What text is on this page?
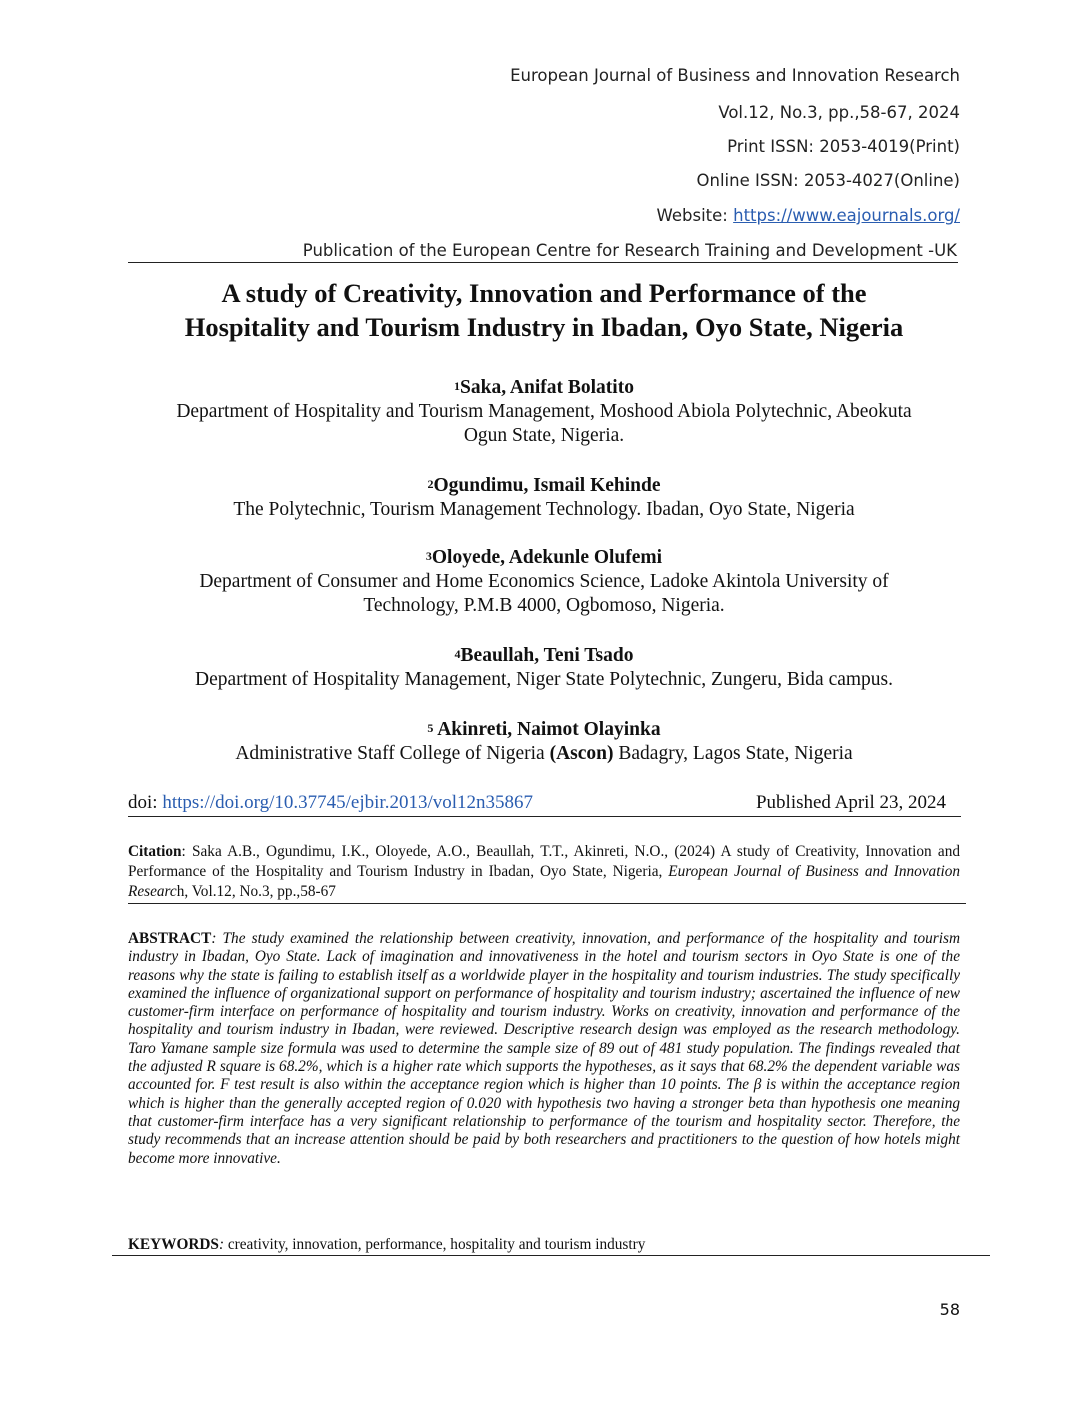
European Journal of Business and Innovation Research
Vol.12, No.3, pp.,58-67, 2024
Print ISSN: 2053-4019(Print)
Online ISSN: 2053-4027(Online)
Website: https://www.eajournals.org/
Publication of the European Centre for Research Training and Development -UK
A study of Creativity, Innovation and Performance of the
Hospitality and Tourism Industry in Ibadan, Oyo State, Nigeria
$^1$Saka, Anifat Bolatito
Department of Hospitality and Tourism Management, Moshood Abiola Polytechnic, Abeokuta
Ogun State, Nigeria.
$^2$Ogundimu, Ismail Kehinde
The Polytechnic, Tourism Management Technology. Ibadan, Oyo State, Nigeria
$^3$Oloyede, Adekunle Olufemi
Department of Consumer and Home Economics Science, Ladoke Akintola University of
Technology, P.M.B 4000, Ogbomoso, Nigeria.
$^4$Beaullah, Teni Tsado
Department of Hospitality Management, Niger State Polytechnic, Zungeru, Bida campus.
$^5$ Akinreti, Naimot Olayinka
Administrative Staff College of Nigeria (Ascon) Badagry, Lagos State, Nigeria
doi: https://doi.org/10.37745/ejbir.2013/vol12n35867	Published April 23, 2024
Citation: Saka A.B., Ogundimu, I.K., Oloyede, A.O., Beaullah, T.T., Akinreti, N.O., (2024) A study of Creativity, Innovation and Performance of the Hospitality and Tourism Industry in Ibadan, Oyo State, Nigeria, European Journal of Business and Innovation Research, Vol.12, No.3, pp.,58-67
ABSTRACT: The study examined the relationship between creativity, innovation, and performance of the hospitality and tourism industry in Ibadan, Oyo State. Lack of imagination and innovativeness in the hotel and tourism sectors in Oyo State is one of the reasons why the state is failing to establish itself as a worldwide player in the hospitality and tourism industries. The study specifically examined the influence of organizational support on performance of hospitality and tourism industry; ascertained the influence of new customer-firm interface on performance of hospitality and tourism industry. Works on creativity, innovation and performance of the hospitality and tourism industry in Ibadan, were reviewed. Descriptive research design was employed as the research methodology. Taro Yamane sample size formula was used to determine the sample size of 89 out of 481 study population. The findings revealed that the adjusted R square is 68.2%, which is a higher rate which supports the hypotheses, as it says that 68.2% the dependent variable was accounted for. F test result is also within the acceptance region which is higher than 10 points. The β is within the acceptance region which is higher than the generally accepted region of 0.020 with hypothesis two having a stronger beta than hypothesis one meaning that customer-firm interface has a very significant relationship to performance of the tourism and hospitality sector. Therefore, the study recommends that an increase attention should be paid by both researchers and practitioners to the question of how hotels might become more innovative.
KEYWORDS: creativity, innovation, performance, hospitality and tourism industry
58
